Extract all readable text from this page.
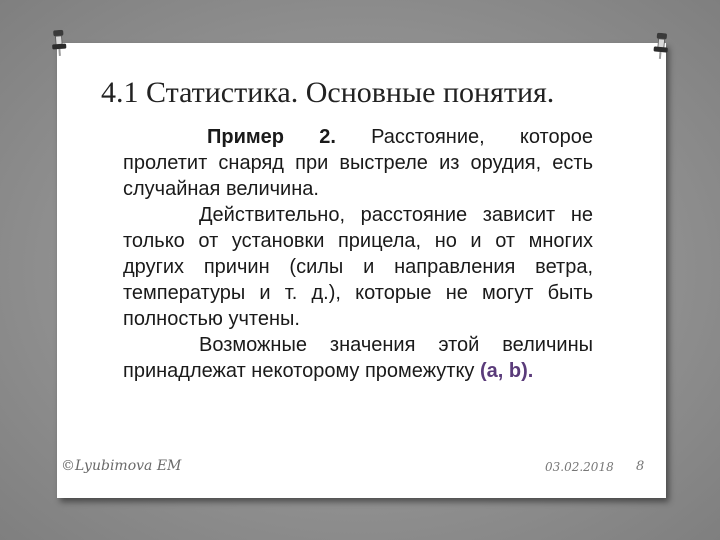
4.1 Статистика. Основные понятия.

Пример 2. Расстояние, которое пролетит снаряд при выстреле из орудия, есть случайная величина.

Действительно, расстояние зависит не только от установки прицела, но и от многих других причин (силы и направления ветра, температуры и т. д.), которые не могут быть полностью учтены.

Возможные значения этой величины принадлежат некоторому промежутку (a, b).

©Lyubimova EM	03.02.2018 8
